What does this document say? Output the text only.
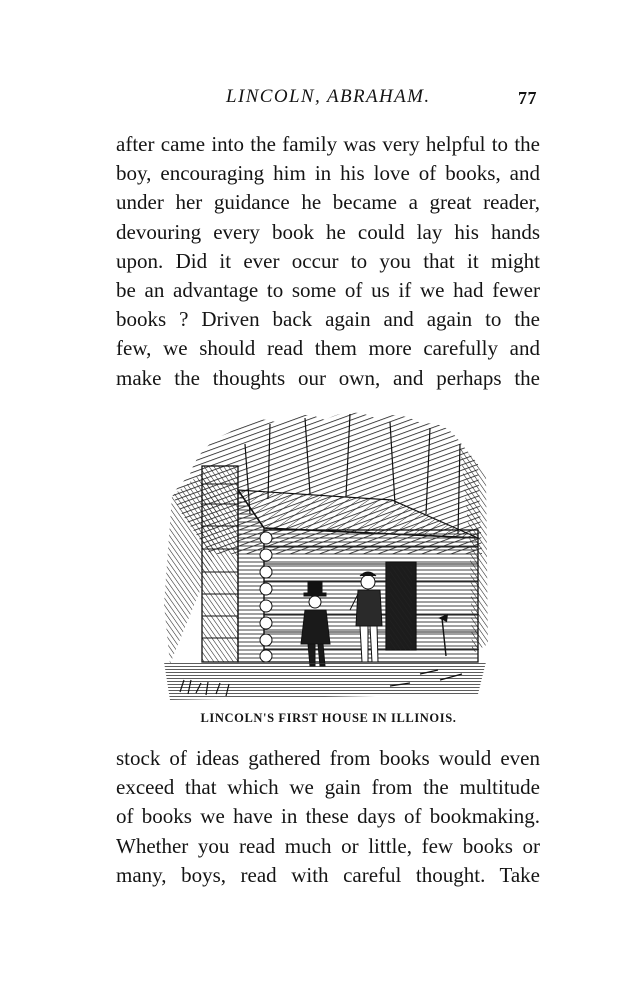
LINCOLN, ABRAHAM.	77
after came into the family was very helpful to the
boy, encouraging him in his love of books, and
under her guidance he became a great reader,
devouring every book he could lay his hands
upon. Did it ever occur to you that it might
be an advantage to some of us if we had fewer
books ? Driven back again and again to the
few, we should read them more carefully and
make the thoughts our own, and perhaps the
LINCOLN'S FIRST HOUSE IN ILLINOIS.
stock of ideas gathered from books would even
exceed that which we gain from the multitude
of books we have in these days of bookmaking.
Whether you read much or little, few books or
many, boys, read with careful thought. Take
